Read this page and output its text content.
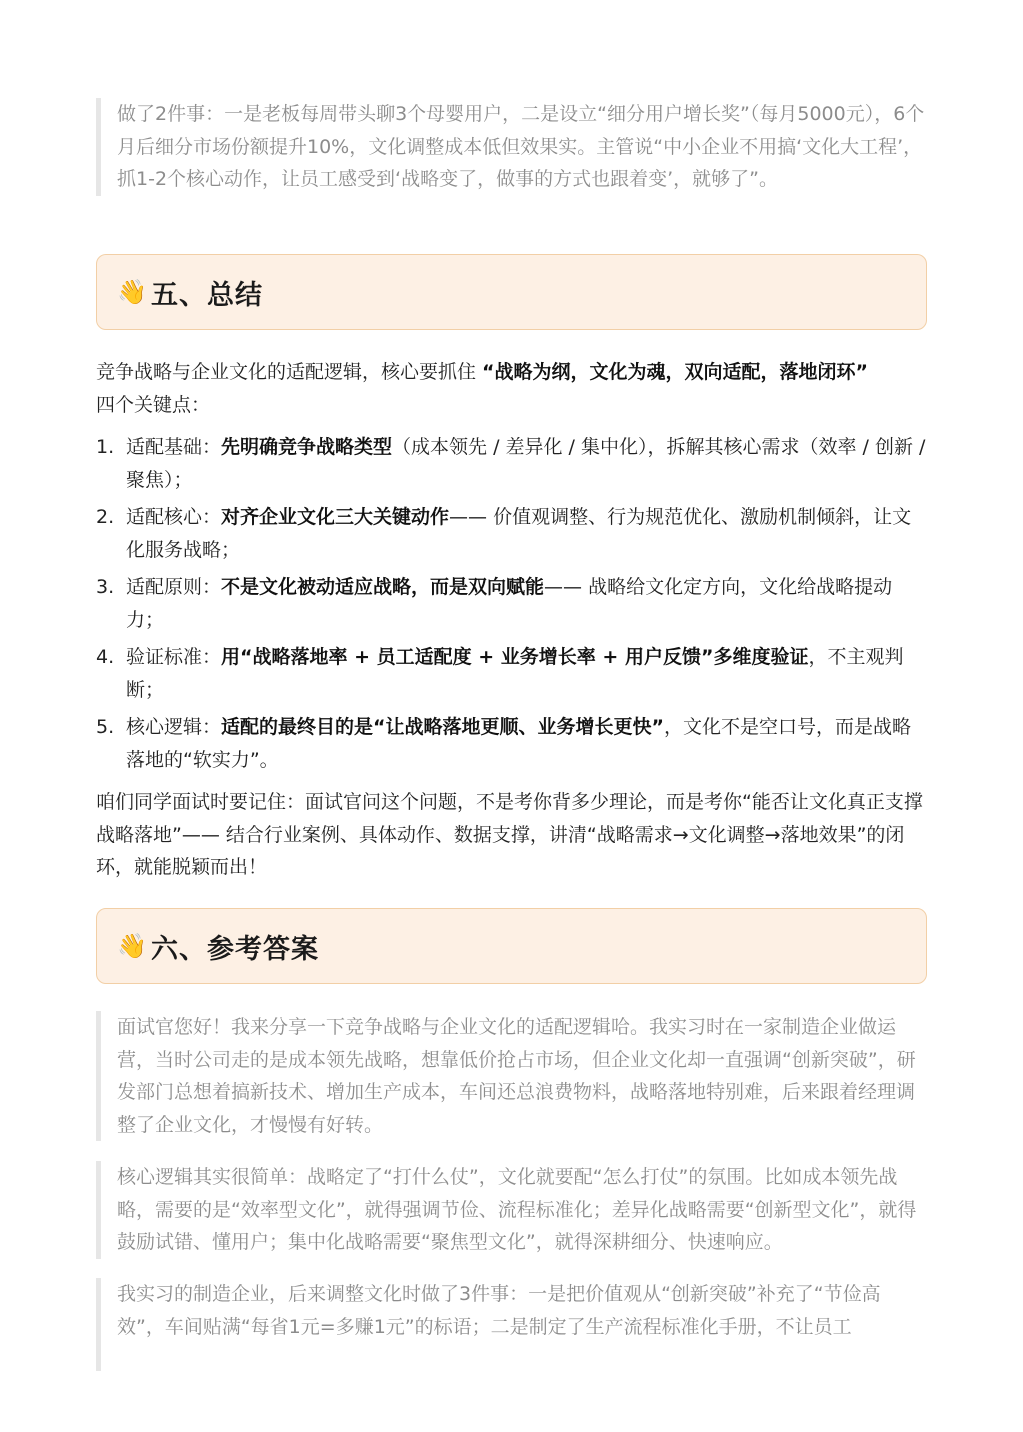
做了2件事：一是老板每周带头聊3个母婴用户，二是设立“细分用户增长奖”（每月5000元），6个月后细分市场份额提升10%，文化调整成本低但效果实。主管说“中小企业不用搞‘文化大工程’，抓1-2个核心动作，让员工感受到‘战略变了，做事的方式也跟着变’，就够了”。
👋 五、总结

竞争战略与企业文化的适配逻辑，核心要抓住 “战略为纲，文化为魂，双向适配，落地闭环”
四个关键点：

1. 适配基础：先明确竞争战略类型（成本领先 / 差异化 / 集中化），拆解其核心需求（效率 / 创新 / 聚焦）；
2. 适配核心：对齐企业文化三大关键动作—— 价值观调整、行为规范优化、激励机制倾斜，让文化服务战略；
3. 适配原则：不是文化被动适应战略，而是双向赋能—— 战略给文化定方向，文化给战略提动力；
4. 验证标准：用“战略落地率 + 员工适配度 + 业务增长率 + 用户反馈”多维度验证，不主观判断；
5. 核心逻辑：适配的最终目的是“让战略落地更顺、业务增长更快”，文化不是空口号，而是战略落地的“软实力”。

咱们同学面试时要记住：面试官问这个问题，不是考你背多少理论，而是考你“能否让文化真正支撑战略落地”—— 结合行业案例、具体动作、数据支撑，讲清“战略需求→文化调整→落地效果”的闭环，就能脱颖而出！

👋 六、参考答案
面试官您好！我来分享一下竞争战略与企业文化的适配逻辑哈。我实习时在一家制造企业做运营，当时公司走的是成本领先战略，想靠低价抢占市场，但企业文化却一直强调“创新突破”，研发部门总想着搞新技术、增加生产成本，车间还总浪费物料，战略落地特别难，后来跟着经理调整了企业文化，才慢慢有好转。
核心逻辑其实很简单：战略定了“打什么仗”，文化就要配“怎么打仗”的氛围。比如成本领先战略，需要的是“效率型文化”，就得强调节俭、流程标准化；差异化战略需要“创新型文化”，就得鼓励试错、懂用户；集中化战略需要“聚焦型文化”，就得深耕细分、快速响应。
我实习的制造企业，后来调整文化时做了3件事：一是把价值观从“创新突破”补充了“节俭高效”，车间贴满“每省1元=多赚1元”的标语；二是制定了生产流程标准化手册，不让员工
